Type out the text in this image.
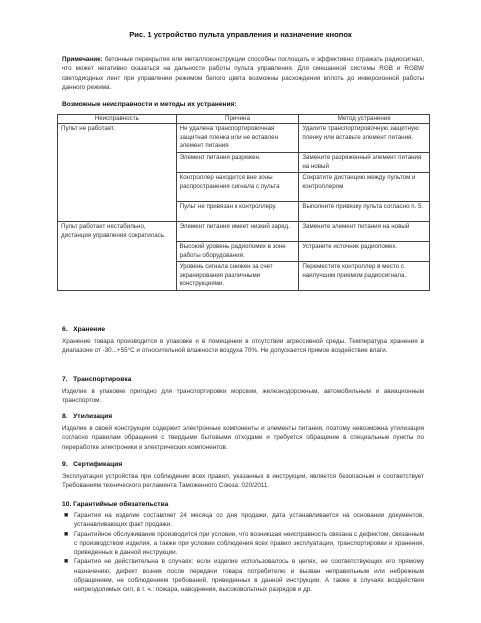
Рис. 1 устройство пульта управления и назначение кнопок
Примечание: бетонные перекрытия или металлоконструкции способны поглощать и эффективно отражать радиосигнал, что может негативно сказаться на дальности работы пульта управления. Для смешанной системы RGB и RGBW светодиодных лент при управлении режимом белого цвета возможны расхождения вплоть до инверсионной работы данного режима.
Возможные неисправности и методы их устранения:
Неисправность	Причина	Метод устранения
Пульт не работает.	Не удалена транспортировочная защитная пленка или не вставлен элемент питания	Удалите транспортировочную защитную пленку или вставьте элемент питания.
	Элемент питания разряжен.	Замените разряженный элемент питания на новый
	Контроллер находится вне зоны распространения сигнала с пульта	Сократите дистанцию между пультом и контроллером
	Пульт не привязан к контроллеру.	Выполните привязку пульта согласно п. 5.
Пульт работает нестабильно, дистанция управления сократилась.	Элемент питания имеет низкий заряд.	Замените элемент питания на новый
	Высокий уровень радиопомех в зоне работы оборудования.	Устраните источник радиопомех.
	Уровень сигнала снижен за счет экранирования различными конструкциями.	Переместите контроллер в место с наилучшим приемом радиосигнала.
6.   Хранение
Хранение товара производится в упаковке и в помещении в отсутствии агрессивной среды. Температура хранения в диапазоне от -30...+55°С и относительной влажности воздуха 70%. Не допускается прямое воздействие влаги.
7.   Транспортировка
Изделие в упаковке пригодно для транспортировки морским, железнодорожным, автомобильным и авиационным транспортом.
8.   Утилизация
Изделие в своей конструкции содержит электронные компоненты и элементы питания, поэтому невозможна утилизация согласно правилам обращения с твердыми бытовыми отходами и требуется обращение в специальные пункты по переработке электроники и электрических компонентов.
9.   Сертификация
Эксплуатация устройства при соблюдении всех правил, указанных в инструкции, является безопасным и соответствует Требованиям технического регламента Таможенного Союза: 020/2011.
10. Гарантийные обязательства
■ Гарантия на изделие составляет 24 месяца со дня продажи, дата устанавливается на основании документов, устанавливающих факт продажи.
■ Гарантийное обслуживание производится при условии, что возникшая неисправность связана с дефектом, связанным с производством изделия, а также при условии соблюдения всех правил эксплуатации, транспортировки и хранения, приведенных в данной инструкции.
■ Гарантия не действительна в случаях: если изделие использовалось в целях, не соответствующих его прямому назначению; дефект возник после передачи товара потребителю и вызван неправильным или небрежным обращением, не соблюдением требований, приведенных в данной инструкции. А также в случаях воздействия непреодолимых сил, в т. ч.: пожара, наводнения, высоковольтных разрядов и др.
